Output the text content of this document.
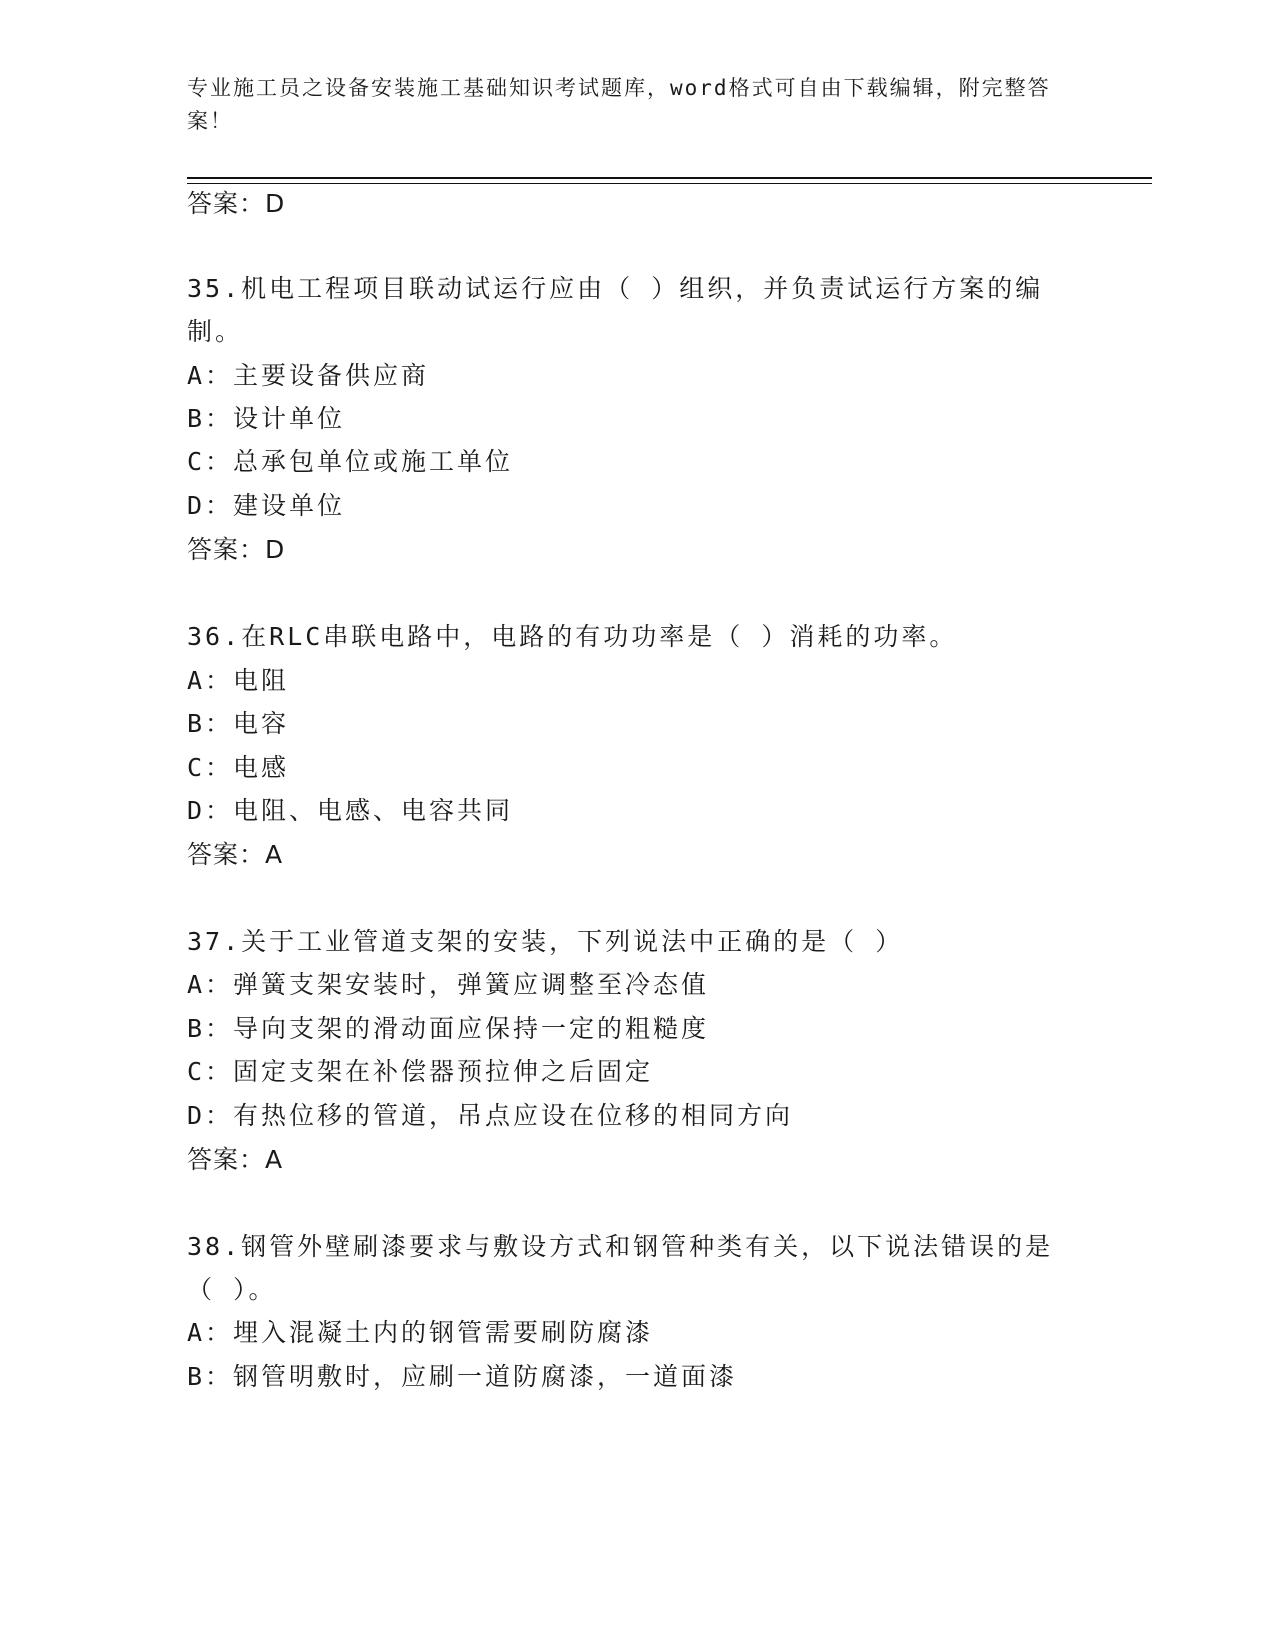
专业施工员之设备安装施工基础知识考试题库，word格式可自由下载编辑，附完整答案！
答案：D
35.机电工程项目联动试运行应由（ ）组织，并负责试运行方案的编
制。
A：主要设备供应商
B：设计单位
C：总承包单位或施工单位
D：建设单位
答案：D
36.在RLC串联电路中，电路的有功功率是（ ）消耗的功率。
A：电阻
B：电容
C：电感
D：电阻、电感、电容共同
答案：A
37.关于工业管道支架的安装，下列说法中正确的是（ ）
A：弹簧支架安装时，弹簧应调整至冷态值
B：导向支架的滑动面应保持一定的粗糙度
C：固定支架在补偿器预拉伸之后固定
D：有热位移的管道，吊点应设在位移的相同方向
答案：A
38.钢管外壁刷漆要求与敷设方式和钢管种类有关，以下说法错误的是
（ ）。
A：埋入混凝土内的钢管需要刷防腐漆
B：钢管明敷时，应刷一道防腐漆，一道面漆
